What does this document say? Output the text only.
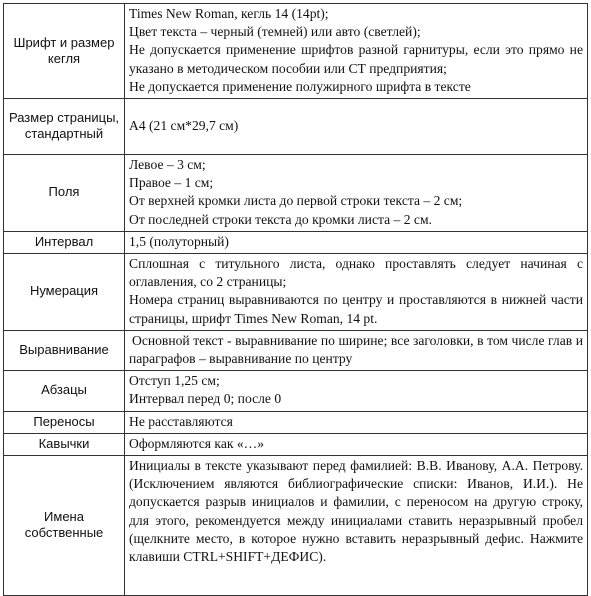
Шрифт и размер кегля	Times New Roman, кегль 14 (14pt);
Цвет текста – черный (темней) или авто (светлей);
Не допускается применение шрифтов разной гарнитуры, если это прямо не указано в методическом пособии или СТ предприятия;
Не допускается применение полужирного шрифта в тексте

Размер страницы, стандартный	А4 (21 см*29,7 см)

Поля	Левое – 3 см;
Правое – 1 см;
От верхней кромки листа до первой строки текста – 2 см;
От последней строки текста до кромки листа – 2 см.

Интервал	1,5 (полуторный)

Нумерация	Сплошная с титульного листа, однако проставлять следует начиная с оглавления, со 2 страницы;
Номера страниц выравниваются по центру и проставляются в нижней части страницы, шрифт Times New Roman, 14 pt.

Выравнивание	Основной текст - выравнивание по ширине; все заголовки, в том числе глав и параграфов – выравнивание по центру

Абзацы	Отступ 1,25 см;
Интервал перед 0; после 0

Переносы	Не расставляются

Кавычки	Оформляются как «…»

Имена собственные	Инициалы в тексте указывают перед фамилией: В.В. Иванову, А.А. Петрову. (Исключением являются библиографические списки: Иванов, И.И.). Не допускается разрыв инициалов и фамилии, с переносом на другую строку, для этого, рекомендуется между инициалами ставить неразрывный пробел (щелкните место, в которое нужно вставить неразрывный дефис. Нажмите клавиши CTRL+SHIFT+ДЕФИС).
